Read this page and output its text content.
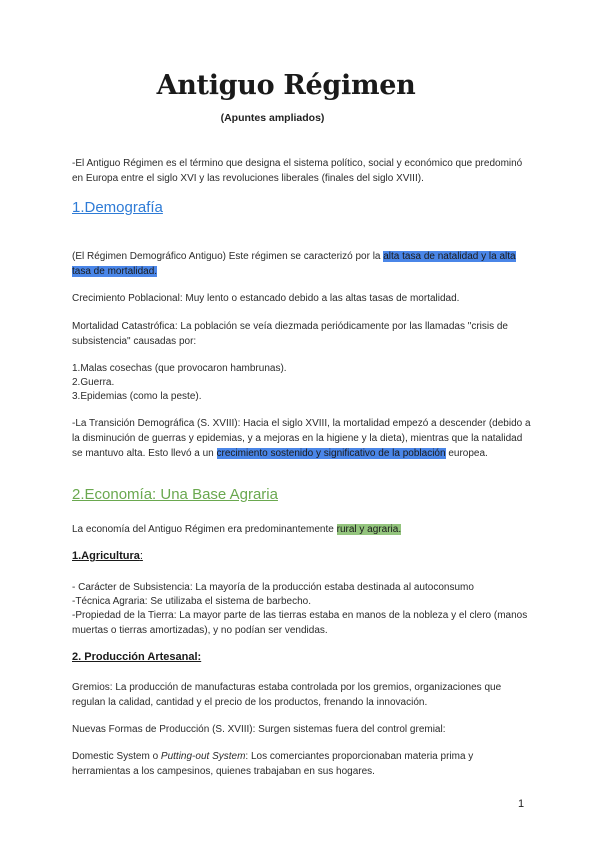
Antiguo Régimen
(Apuntes ampliados)

-El Antiguo Régimen es el término que designa el sistema político, social y económico que predominó en Europa entre el siglo XVI y las revoluciones liberales (finales del siglo XVIII).

1.Demografía

(El Régimen Demográfico Antiguo) Este régimen se caracterizó por la alta tasa de natalidad y la alta tasa de mortalidad.

Crecimiento Poblacional: Muy lento o estancado debido a las altas tasas de mortalidad.

Mortalidad Catastrófica: La población se veía diezmada periódicamente por las llamadas "crisis de subsistencia" causadas por:

1.Malas cosechas (que provocaron hambrunas).

2.Guerra.

3.Epidemias (como la peste).

-La Transición Demográfica (S. XVIII): Hacia el siglo XVIII, la mortalidad empezó a descender (debido a la disminución de guerras y epidemias, y a mejoras en la higiene y la dieta), mientras que la natalidad se mantuvo alta. Esto llevó a un crecimiento sostenido y significativo de la población europea.

2.Economía: Una Base Agraria

La economía del Antiguo Régimen era predominantemente rural y agraria.

1.Agricultura:

- Carácter de Subsistencia: La mayoría de la producción estaba destinada al autoconsumo

-Técnica Agraria: Se utilizaba el sistema de barbecho.

-Propiedad de la Tierra: La mayor parte de las tierras estaba en manos de la nobleza y el clero (manos muertas o tierras amortizadas), y no podían ser vendidas.

2. Producción Artesanal:

Gremios: La producción de manufacturas estaba controlada por los gremios, organizaciones que regulan la calidad, cantidad y el precio de los productos, frenando la innovación.

Nuevas Formas de Producción (S. XVIII): Surgen sistemas fuera del control gremial:

Domestic System o Putting-out System: Los comerciantes proporcionaban materia prima y herramientas a los campesinos, quienes trabajaban en sus hogares.

1
